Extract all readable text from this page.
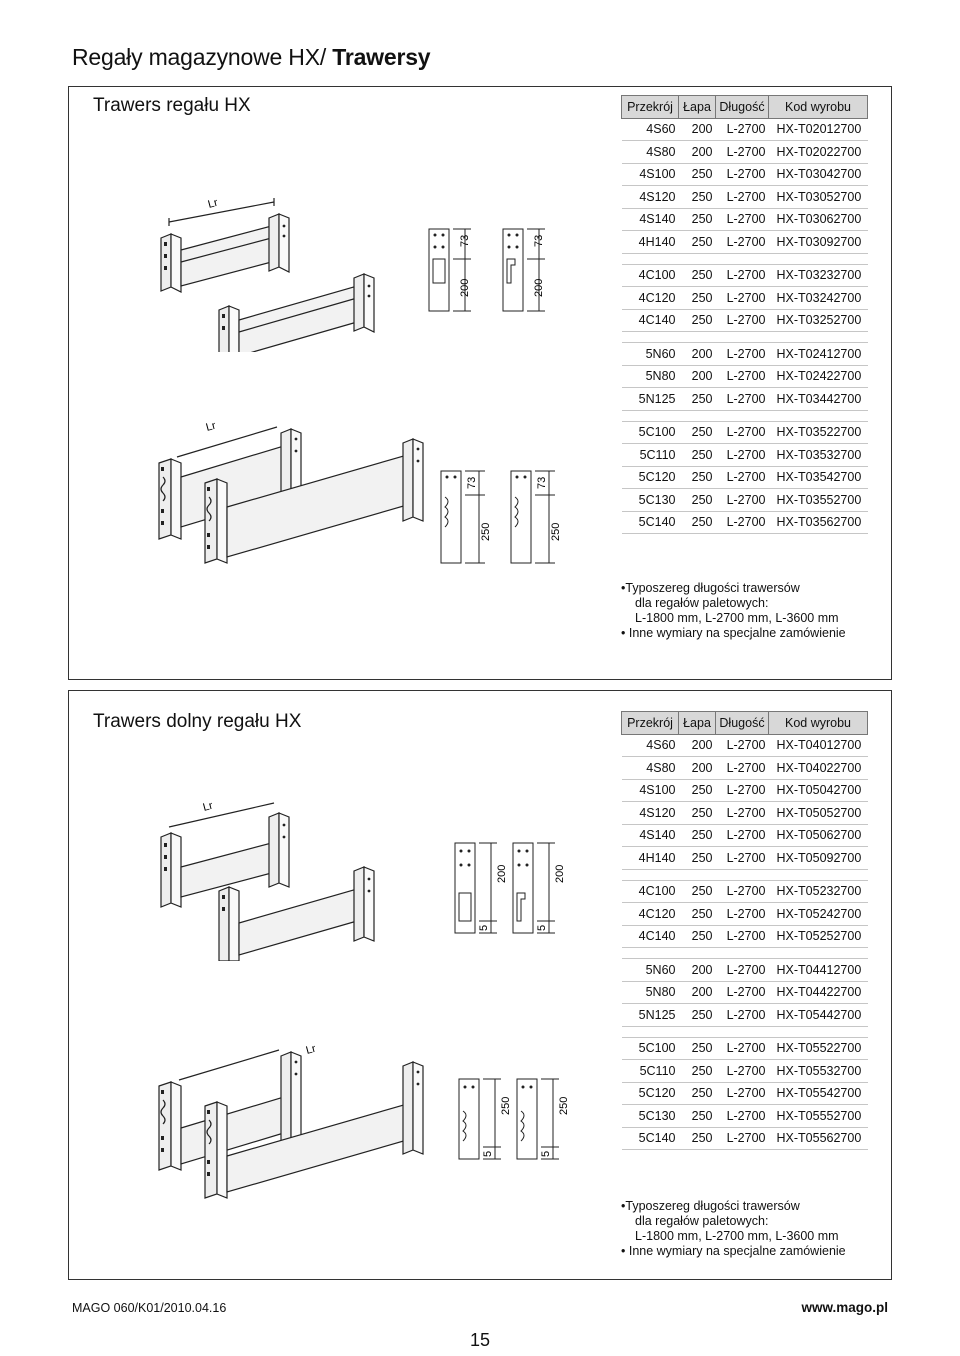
Regały magazynowe HX/ Trawersy
Trawers regału HX
Lr
73
200
73
200
Lr
73
250
73
250
Przekrój	Łapa	Długość	Kod wyrobu
4S60	200	L-2700	HX-T02012700
4S80	200	L-2700	HX-T02022700
4S100	250	L-2700	HX-T03042700
4S120	250	L-2700	HX-T03052700
4S140	250	L-2700	HX-T03062700
4H140	250	L-2700	HX-T03092700

4C100	250	L-2700	HX-T03232700
4C120	250	L-2700	HX-T03242700
4C140	250	L-2700	HX-T03252700

5N60	200	L-2700	HX-T02412700
5N80	200	L-2700	HX-T02422700
5N125	250	L-2700	HX-T03442700

5C100	250	L-2700	HX-T03522700
5C110	250	L-2700	HX-T03532700
5C120	250	L-2700	HX-T03542700
5C130	250	L-2700	HX-T03552700
5C140	250	L-2700	HX-T03562700
•Typoszereg długości trawersów
dla regałów paletowych:
L-1800 mm, L-2700 mm, L-3600 mm
• Inne wymiary na specjalne zamówienie
Trawers dolny regału HX
Lr
5
200
5
200
Lr
5
250
5
250
Przekrój	Łapa	Długość	Kod wyrobu
4S60	200	L-2700	HX-T04012700
4S80	200	L-2700	HX-T04022700
4S100	250	L-2700	HX-T05042700
4S120	250	L-2700	HX-T05052700
4S140	250	L-2700	HX-T05062700
4H140	250	L-2700	HX-T05092700

4C100	250	L-2700	HX-T05232700
4C120	250	L-2700	HX-T05242700
4C140	250	L-2700	HX-T05252700

5N60	200	L-2700	HX-T04412700
5N80	200	L-2700	HX-T04422700
5N125	250	L-2700	HX-T05442700

5C100	250	L-2700	HX-T05522700
5C110	250	L-2700	HX-T05532700
5C120	250	L-2700	HX-T05542700
5C130	250	L-2700	HX-T05552700
5C140	250	L-2700	HX-T05562700
•Typoszereg długości trawersów
dla regałów paletowych:
L-1800 mm, L-2700 mm, L-3600 mm
• Inne wymiary na specjalne zamówienie
MAGO 060/K01/2010.04.16	www.mago.pl
15
